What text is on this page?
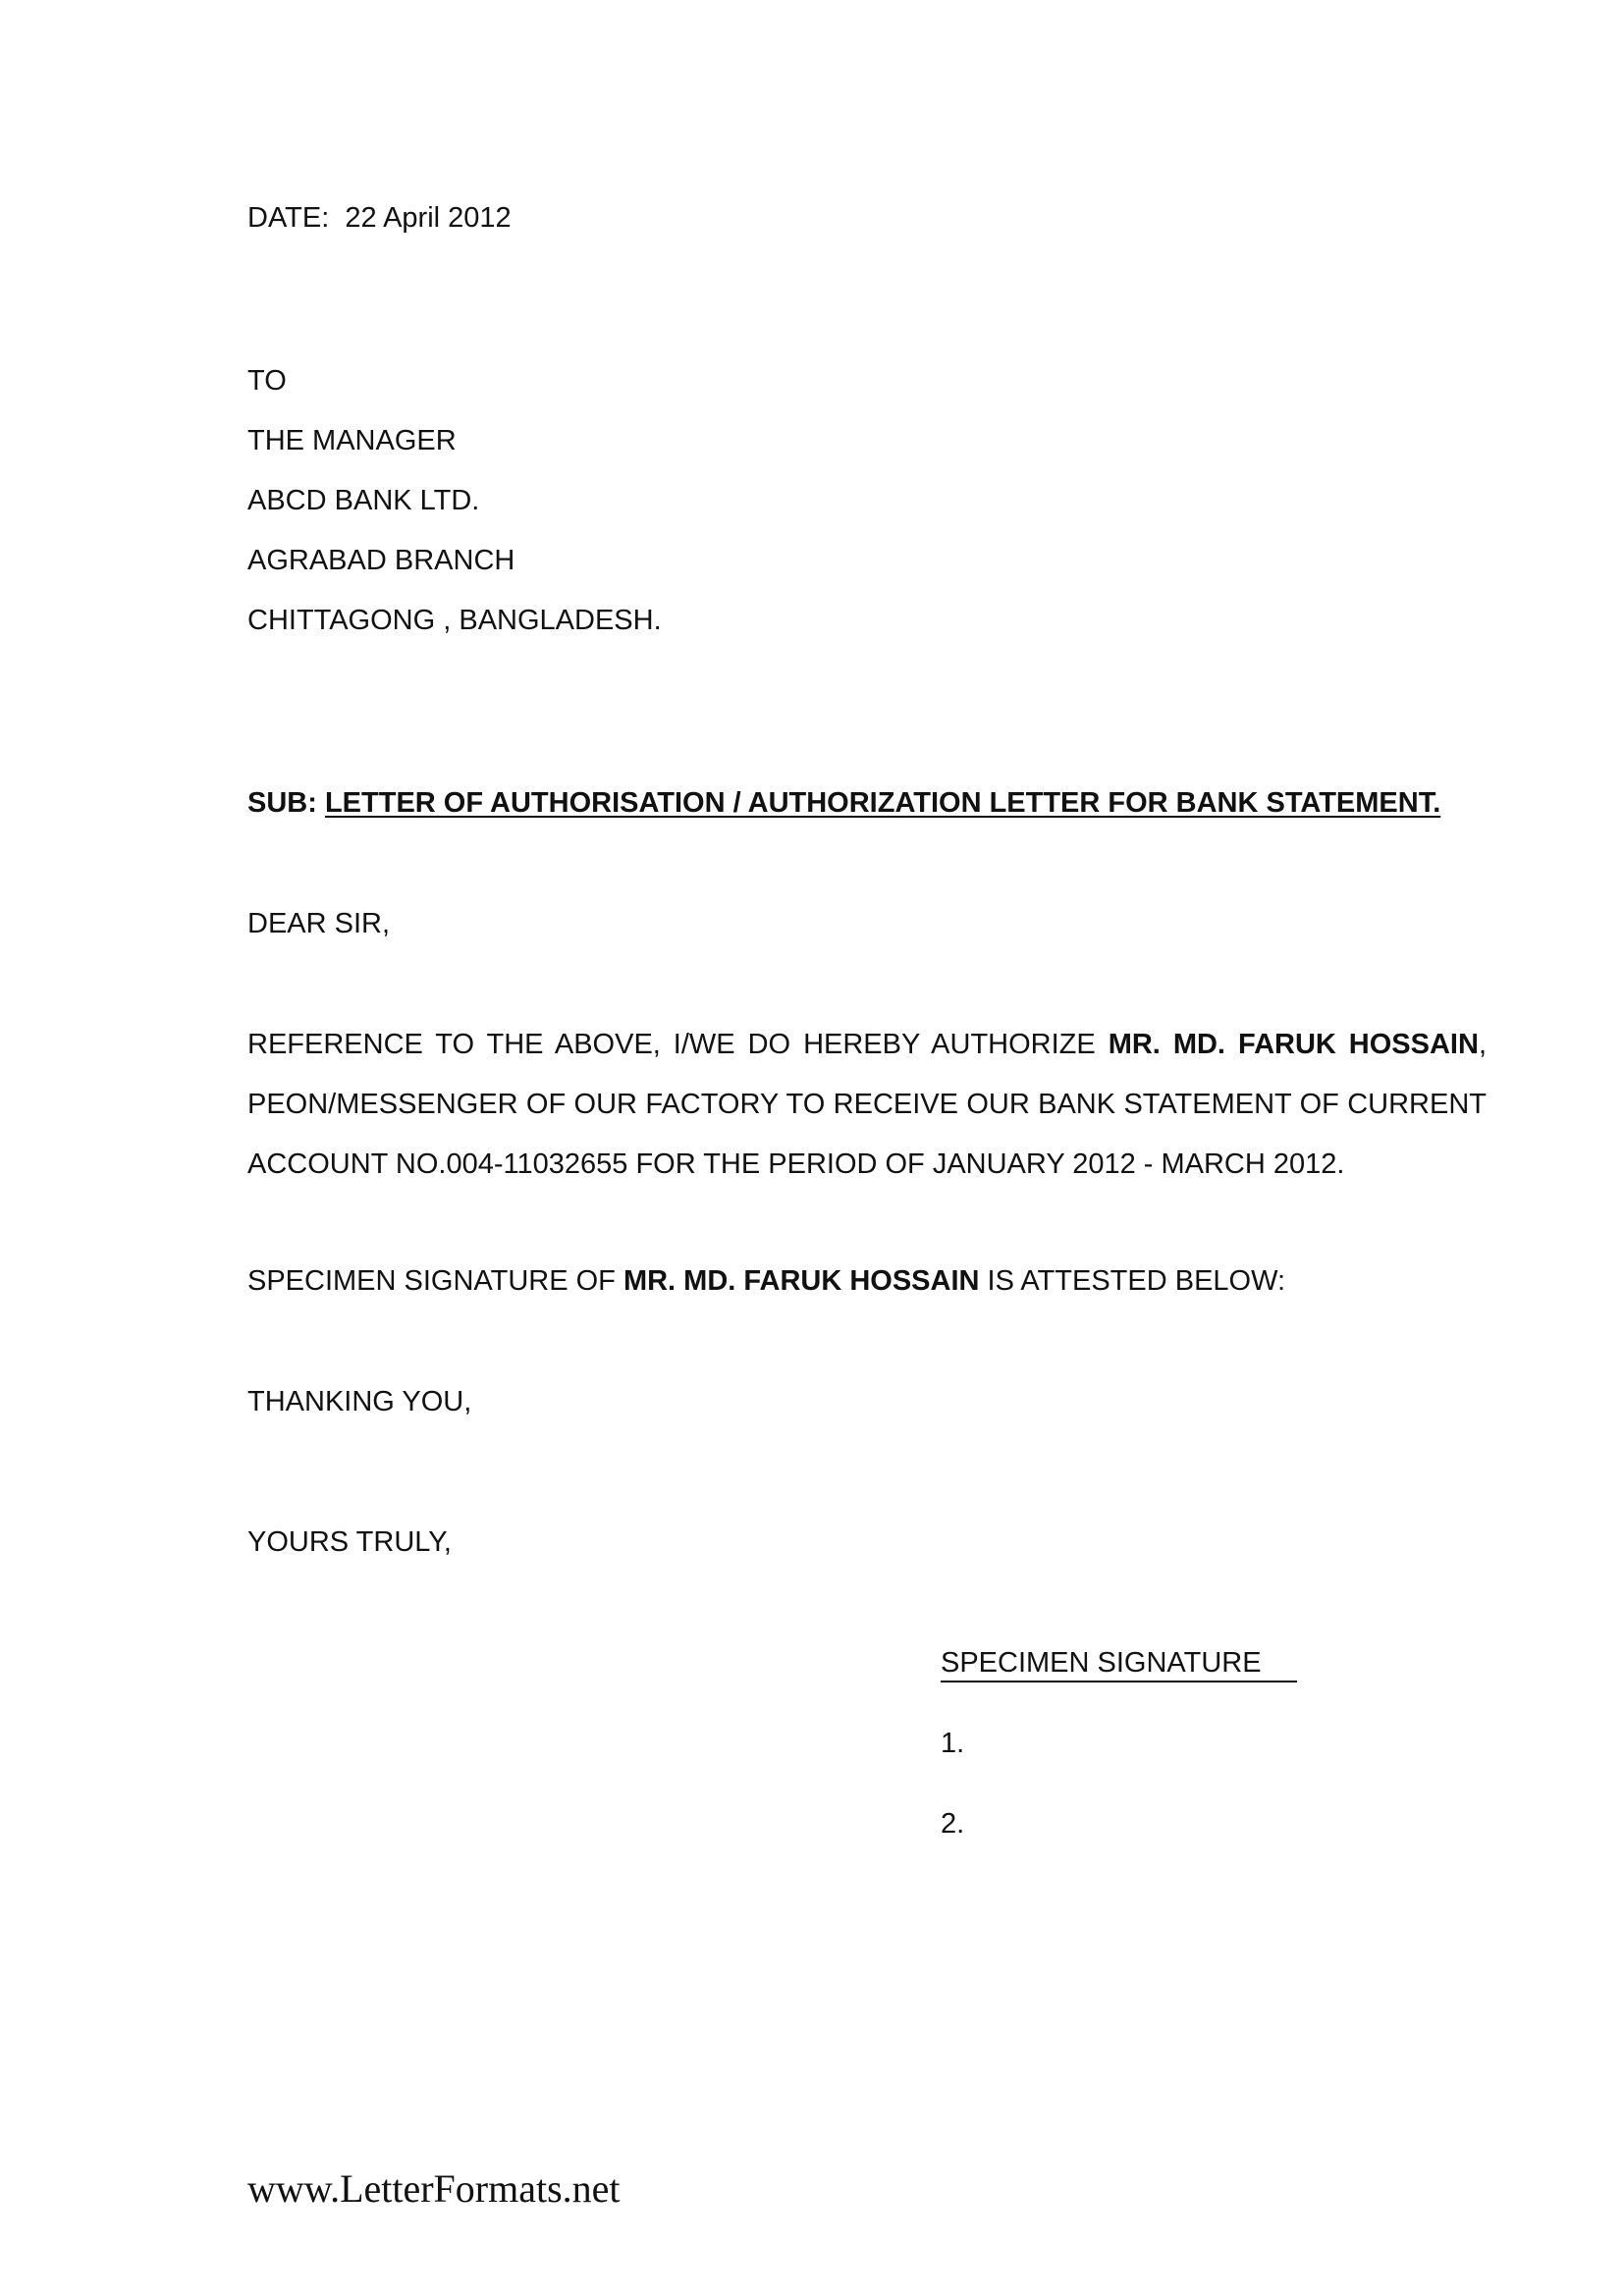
DATE: 22 April 2012
TO
THE MANAGER
ABCD BANK LTD.
AGRABAD BRANCH
CHITTAGONG , BANGLADESH.
SUB: LETTER OF AUTHORISATION / AUTHORIZATION LETTER FOR BANK STATEMENT.
DEAR SIR,
REFERENCE TO THE ABOVE, I/WE DO HEREBY AUTHORIZE MR. MD. FARUK HOSSAIN,
PEON/MESSENGER OF OUR FACTORY TO RECEIVE OUR BANK STATEMENT OF CURRENT
ACCOUNT NO.004-11032655 FOR THE PERIOD OF JANUARY 2012 - MARCH 2012.
SPECIMEN SIGNATURE OF MR. MD. FARUK HOSSAIN IS ATTESTED BELOW:
THANKING YOU,
YOURS TRULY,
SPECIMEN SIGNATURE
1.
2.
www.LetterFormats.net
